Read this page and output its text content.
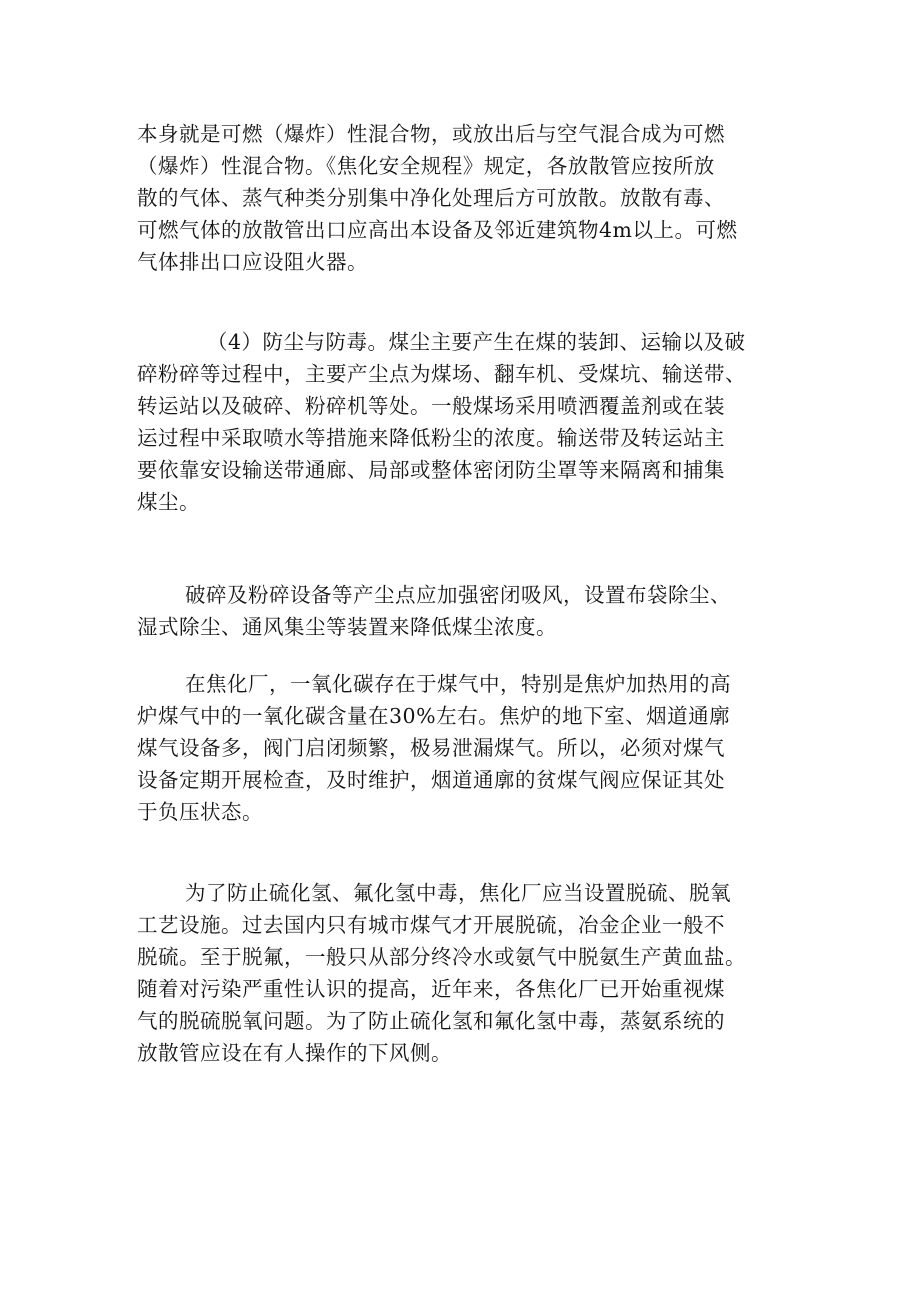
本身就是可燃（爆炸）性混合物，或放出后与空气混合成为可燃
（爆炸）性混合物。《焦化安全规程》规定，各放散管应按所放
散的气体、蒸气种类分别集中净化处理后方可放散。放散有毒、
可燃气体的放散管出口应高出本设备及邻近建筑物4m以上。可燃
气体排出口应设阻火器。
（4）防尘与防毒。煤尘主要产生在煤的装卸、运输以及破
碎粉碎等过程中，主要产尘点为煤场、翻车机、受煤坑、输送带、
转运站以及破碎、粉碎机等处。一般煤场采用喷洒覆盖剂或在装
运过程中采取喷水等措施来降低粉尘的浓度。输送带及转运站主
要依靠安设输送带通廊、局部或整体密闭防尘罩等来隔离和捕集
煤尘。
破碎及粉碎设备等产尘点应加强密闭吸风，设置布袋除尘、
湿式除尘、通风集尘等装置来降低煤尘浓度。
在焦化厂，一氧化碳存在于煤气中，特别是焦炉加热用的高
炉煤气中的一氧化碳含量在30%左右。焦炉的地下室、烟道通廓
煤气设备多，阀门启闭频繁，极易泄漏煤气。所以，必须对煤气
设备定期开展检查，及时维护，烟道通廓的贫煤气阀应保证其处
于负压状态。
为了防止硫化氢、氟化氢中毒，焦化厂应当设置脱硫、脱氧
工艺设施。过去国内只有城市煤气才开展脱硫，冶金企业一般不
脱硫。至于脱氟，一般只从部分终冷水或氨气中脱氨生产黄血盐。
随着对污染严重性认识的提高，近年来，各焦化厂已开始重视煤
气的脱硫脱氧问题。为了防止硫化氢和氟化氢中毒，蒸氨系统的
放散管应设在有人操作的下风侧。
